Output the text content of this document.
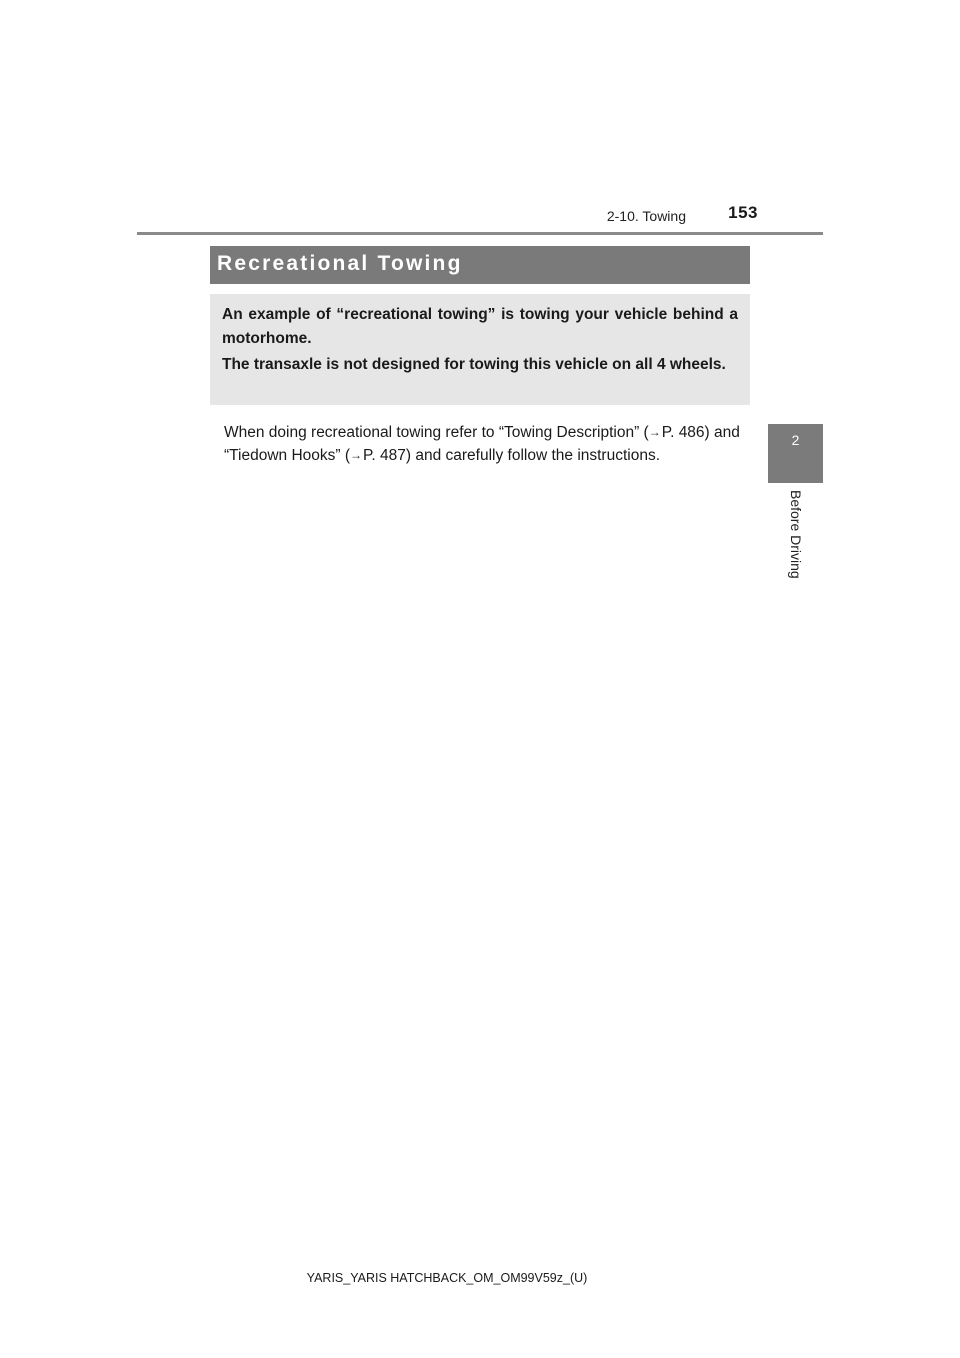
153
2-10. Towing
2
Before Driving
Recreational Towing

An example of “recreational towing” is towing your vehicle behind a motorhome.

The transaxle is not designed for towing this vehicle on all 4 wheels.

When doing recreational towing refer to “Towing Description” (→P. 486) and “Tiedown Hooks” (→P. 487) and carefully follow the instructions.

YARIS_YARIS HATCHBACK_OM_OM99V59z_(U)
